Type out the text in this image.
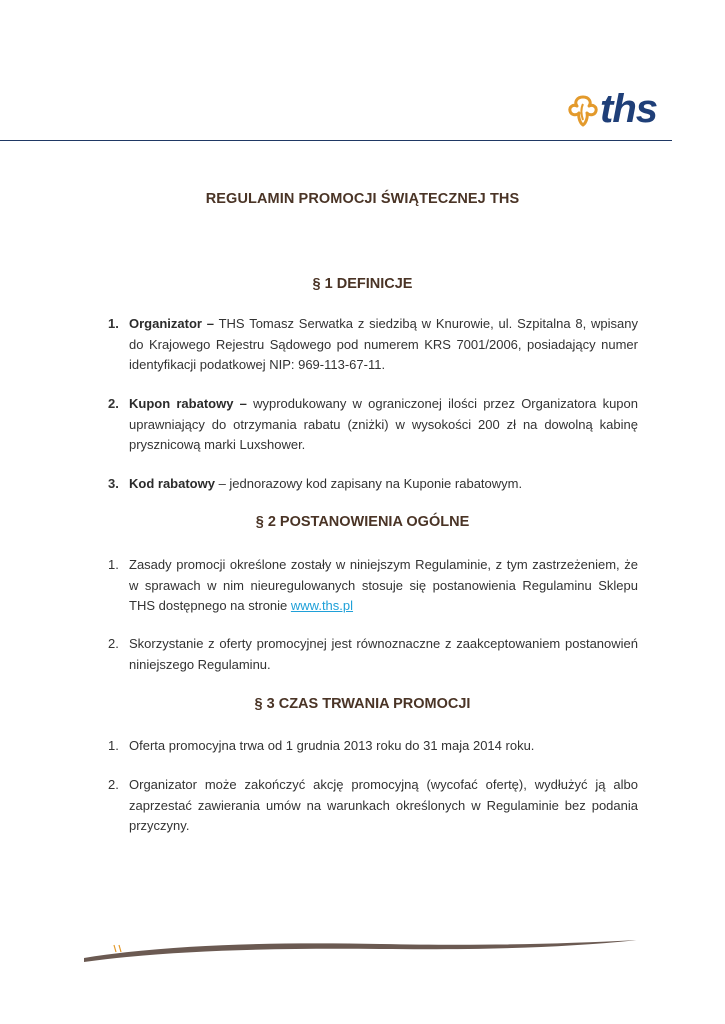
ths
REGULAMIN PROMOCJI ŚWIĄTECZNEJ THS
§ 1 DEFINICJE
1. Organizator – THS Tomasz Serwatka z siedzibą w Knurowie, ul. Szpitalna 8, wpisany do Krajowego Rejestru Sądowego pod numerem KRS 7001/2006, posiadający numer identyfikacji podatkowej NIP: 969-113-67-11.
2. Kupon rabatowy – wyprodukowany w ograniczonej ilości przez Organizatora kupon uprawniający do otrzymania rabatu (zniżki) w wysokości 200 zł na dowolną kabinę prysznicową marki Luxshower.
3. Kod rabatowy – jednorazowy kod zapisany na Kuponie rabatowym.
§ 2 POSTANOWIENIA OGÓLNE
1. Zasady promocji określone zostały w niniejszym Regulaminie, z tym zastrzeżeniem, że w sprawach w nim nieuregulowanych stosuje się postanowienia Regulaminu Sklepu THS dostępnego na stronie www.ths.pl
2. Skorzystanie z oferty promocyjnej jest równoznaczne z zaakceptowaniem postanowień niniejszego Regulaminu.
§ 3 CZAS TRWANIA PROMOCJI
1. Oferta promocyjna trwa od 1 grudnia 2013 roku do 31 maja 2014 roku.
2. Organizator może zakończyć akcję promocyjną (wycofać ofertę), wydłużyć ją albo zaprzestać zawierania umów na warunkach określonych w Regulaminie bez podania przyczyny.
